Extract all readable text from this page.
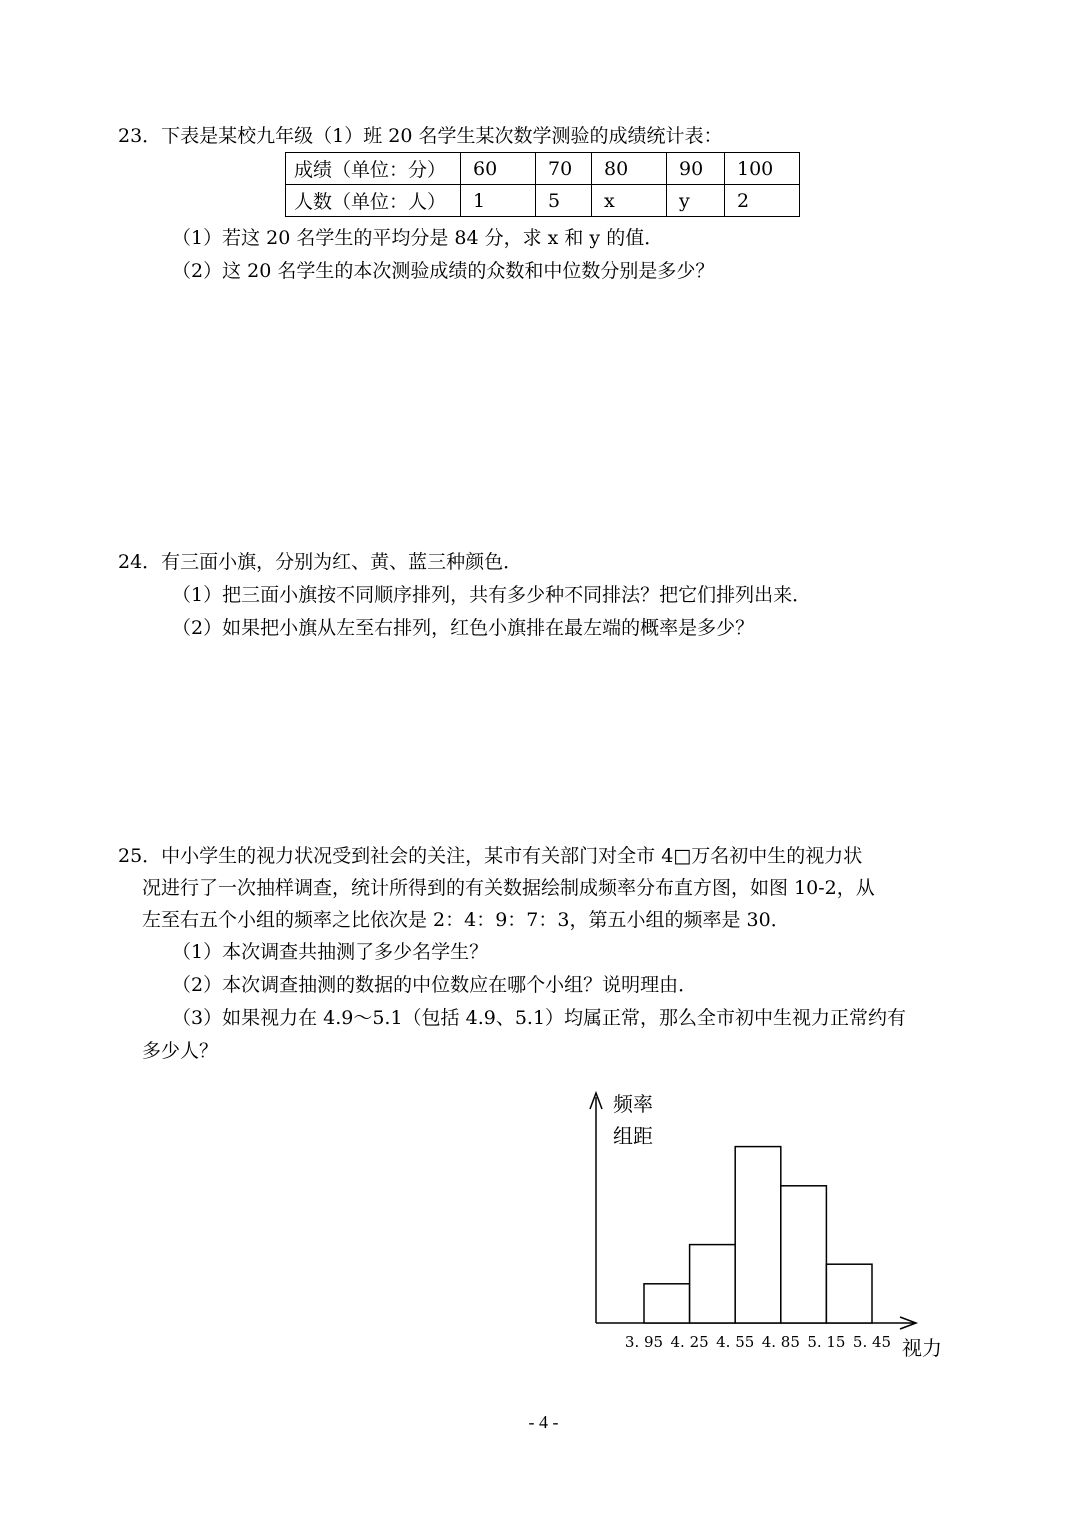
23．下表是某校九年级（1）班 20 名学生某次数学测验的成绩统计表：
成绩（单位：分）	60	70	80	90	100
人数（单位：人）	1	5	x	y	2
（1）若这 20 名学生的平均分是 84 分，求 x 和 y 的值．
（2）这 20 名学生的本次测验成绩的众数和中位数分别是多少？
24．有三面小旗，分别为红、黄、蓝三种颜色．
（1）把三面小旗按不同顺序排列，共有多少种不同排法？把它们排列出来．
（2）如果把小旗从左至右排列，红色小旗排在最左端的概率是多少？
25．中小学生的视力状况受到社会的关注，某市有关部门对全市 4□万名初中生的视力状
况进行了一次抽样调查，统计所得到的有关数据绘制成频率分布直方图，如图 10-2，从
左至右五个小组的频率之比依次是 2：4：9：7：3，第五小组的频率是 30．
（1）本次调查共抽测了多少名学生？
（2）本次调查抽测的数据的中位数应在哪个小组？说明理由．
（3）如果视力在 4.9～5.1（包括 4.9、5.1）均属正常，那么全市初中生视力正常约有
多少人？
频率
组距
视力
3. 95 4. 25 4. 55 4. 85 5. 15 5. 45
- 4 -
